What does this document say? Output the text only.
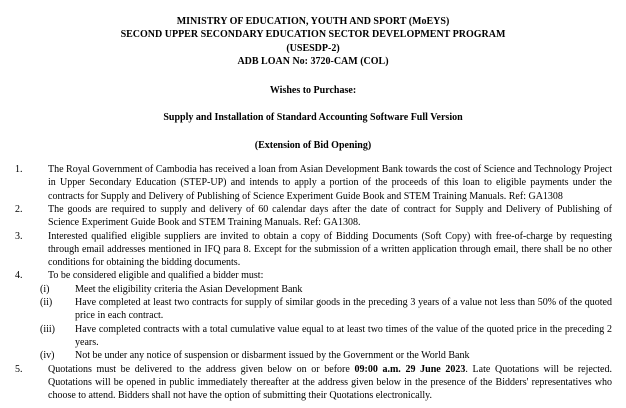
MINISTRY OF EDUCATION, YOUTH AND SPORT (MoEYS)
SECOND UPPER SECONDARY EDUCATION SECTOR DEVELOPMENT PROGRAM
(USESDP-2)
ADB LOAN No: 3720-CAM (COL)
Wishes to Purchase:
Supply and Installation of Standard Accounting Software Full Version
(Extension of Bid Opening)
1.	The Royal Government of Cambodia has received a loan from Asian Development Bank towards the cost of Science and Technology Project in Upper Secondary Education (STEP-UP) and intends to apply a portion of the proceeds of this loan to eligible payments under the contracts for Supply and Delivery of Publishing of Science Experiment Guide Book and STEM Training Manuals. Ref: GA1308
2.	The goods are required to supply and delivery of 60 calendar days after the date of contract for Supply and Delivery of Publishing of Science Experiment Guide Book and STEM Training Manuals. Ref: GA1308.
3.	Interested qualified eligible suppliers are invited to obtain a copy of Bidding Documents (Soft Copy) with free-of-charge by requesting through email addresses mentioned in IFQ para 8. Except for the submission of a written application through email, there shall be no other conditions for obtaining the bidding documents.
4.	To be considered eligible and qualified a bidder must:
(i)	Meet the eligibility criteria the Asian Development Bank
(ii) Have completed at least two contracts for supply of similar goods in the preceding 3 years of a value not less than 50% of the quoted price in each contract.
(iii) Have completed contracts with a total cumulative value equal to at least two times of the value of the quoted price in the preceding 2 years.
(iv) Not be under any notice of suspension or disbarment issued by the Government or the World Bank
5.	Quotations must be delivered to the address given below on or before 09:00 a.m. 29 June 2023. Late Quotations will be rejected. Quotations will be opened in public immediately thereafter at the address given below in the presence of the Bidders' representatives who choose to attend. Bidders shall not have the option of submitting their Quotations electronically.
